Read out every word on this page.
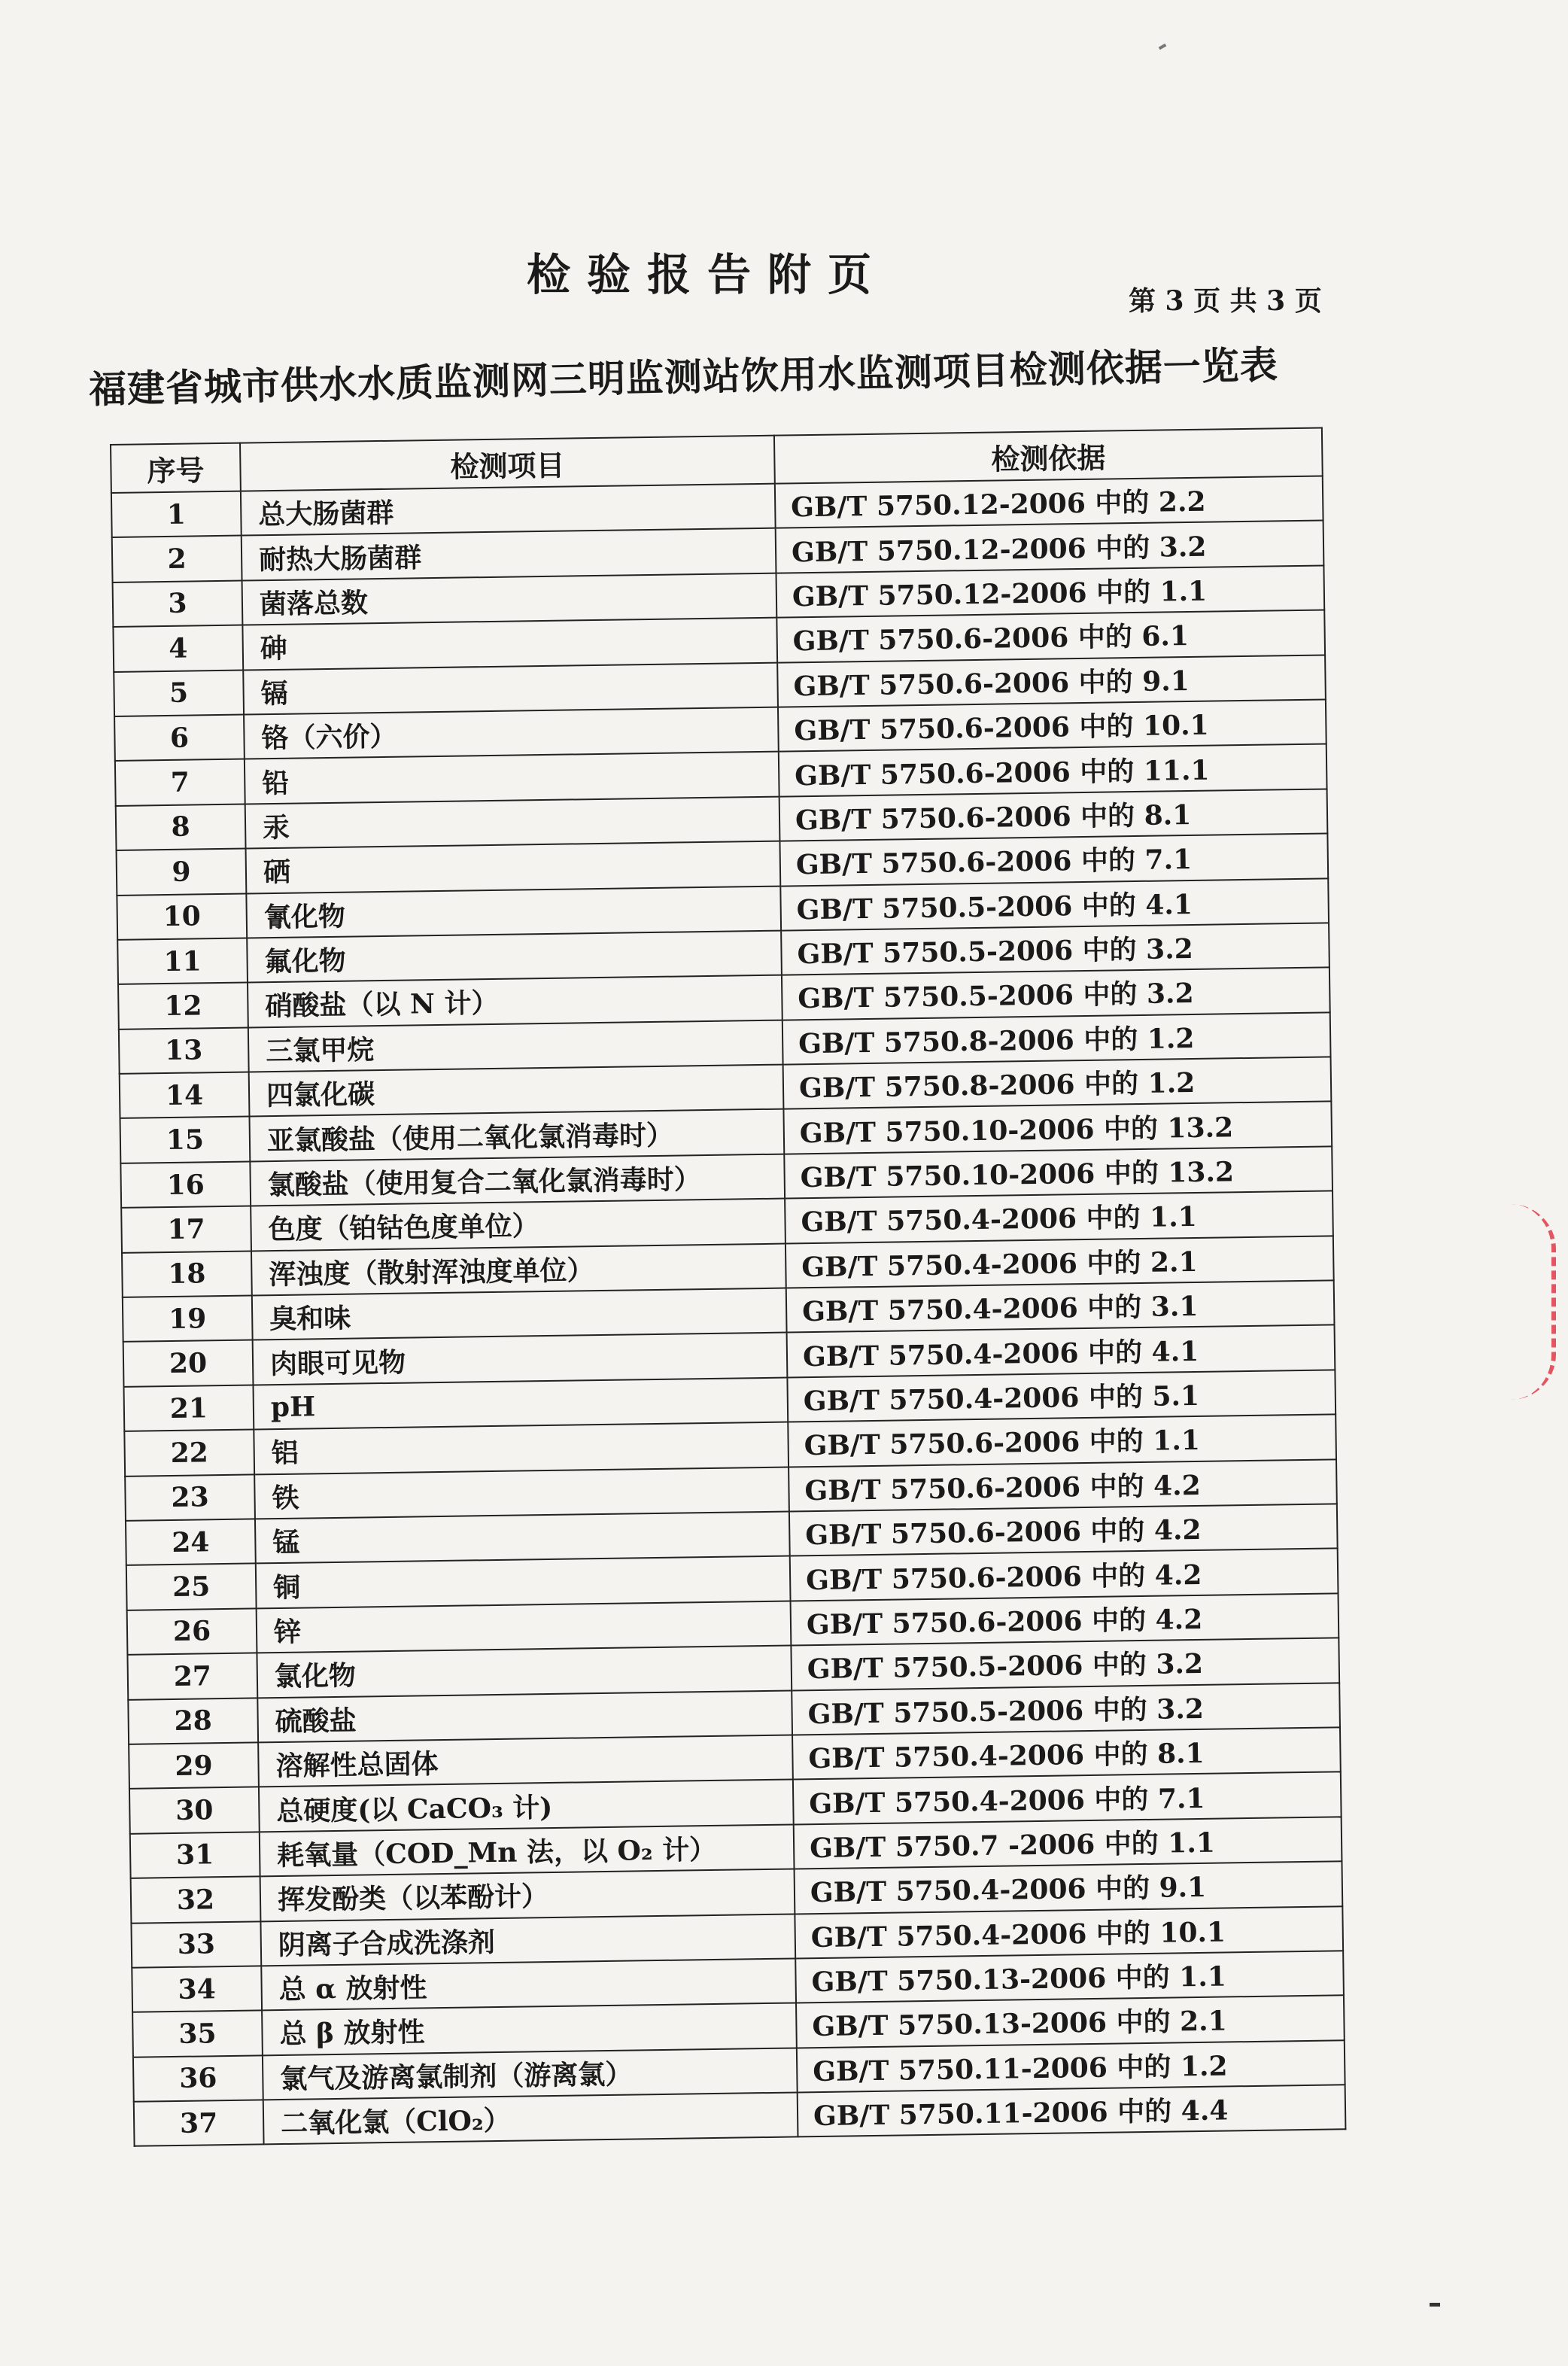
检验报告附页
第 3 页 共 3 页
福建省城市供水水质监测网三明监测站饮用水监测项目检测依据一览表
序号	检测项目	检测依据
1	总大肠菌群	GB/T 5750.12-2006 中的 2.2
2	耐热大肠菌群	GB/T 5750.12-2006 中的 3.2
3	菌落总数	GB/T 5750.12-2006 中的 1.1
4	砷	GB/T 5750.6-2006 中的 6.1
5	镉	GB/T 5750.6-2006 中的 9.1
6	铬（六价）	GB/T 5750.6-2006 中的 10.1
7	铅	GB/T 5750.6-2006 中的 11.1
8	汞	GB/T 5750.6-2006 中的 8.1
9	硒	GB/T 5750.6-2006 中的 7.1
10	氰化物	GB/T 5750.5-2006 中的 4.1
11	氟化物	GB/T 5750.5-2006 中的 3.2
12	硝酸盐（以 N 计）	GB/T 5750.5-2006 中的 3.2
13	三氯甲烷	GB/T 5750.8-2006 中的 1.2
14	四氯化碳	GB/T 5750.8-2006 中的 1.2
15	亚氯酸盐（使用二氧化氯消毒时）	GB/T 5750.10-2006 中的 13.2
16	氯酸盐（使用复合二氧化氯消毒时）	GB/T 5750.10-2006 中的 13.2
17	色度（铂钴色度单位）	GB/T 5750.4-2006 中的 1.1
18	浑浊度（散射浑浊度单位）	GB/T 5750.4-2006 中的 2.1
19	臭和味	GB/T 5750.4-2006 中的 3.1
20	肉眼可见物	GB/T 5750.4-2006 中的 4.1
21	pH	GB/T 5750.4-2006 中的 5.1
22	铝	GB/T 5750.6-2006 中的 1.1
23	铁	GB/T 5750.6-2006 中的 4.2
24	锰	GB/T 5750.6-2006 中的 4.2
25	铜	GB/T 5750.6-2006 中的 4.2
26	锌	GB/T 5750.6-2006 中的 4.2
27	氯化物	GB/T 5750.5-2006 中的 3.2
28	硫酸盐	GB/T 5750.5-2006 中的 3.2
29	溶解性总固体	GB/T 5750.4-2006 中的 8.1
30	总硬度(以 CaCO₃ 计)	GB/T 5750.4-2006 中的 7.1
31	耗氧量（COD_Mn 法，以 O₂ 计）	GB/T 5750.7 -2006 中的 1.1
32	挥发酚类（以苯酚计）	GB/T 5750.4-2006 中的 9.1
33	阴离子合成洗涤剂	GB/T 5750.4-2006 中的 10.1
34	总 α 放射性	GB/T 5750.13-2006 中的 1.1
35	总 β 放射性	GB/T 5750.13-2006 中的 2.1
36	氯气及游离氯制剂（游离氯）	GB/T 5750.11-2006 中的 1.2
37	二氧化氯（ClO₂）	GB/T 5750.11-2006 中的 4.4
